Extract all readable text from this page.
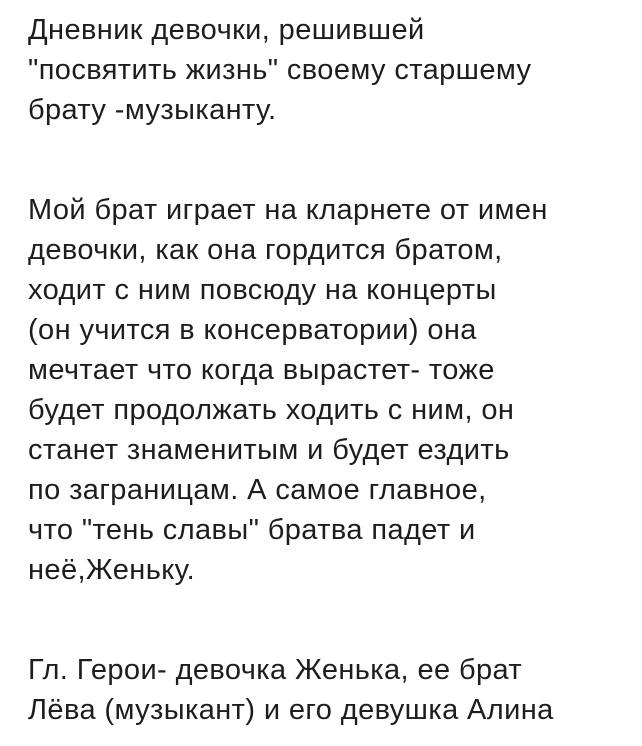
Дневник девочки, решившей
"посвятить жизнь" своему старшему
брату -музыканту.
Мой брат играет на кларнете от имен
девочки, как она гордится братом,
ходит с ним повсюду на концерты
(он учится в консерватории) она
мечтает что когда вырастет- тоже
будет продолжать ходить с ним, он
станет знаменитым и будет ездить
по заграницам. А самое главное,
что "тень славы" братва падет и
неё,Женьку.
Гл. Герои- девочка Женька, ее брат
Лёва (музыкант) и его девушка Алина
